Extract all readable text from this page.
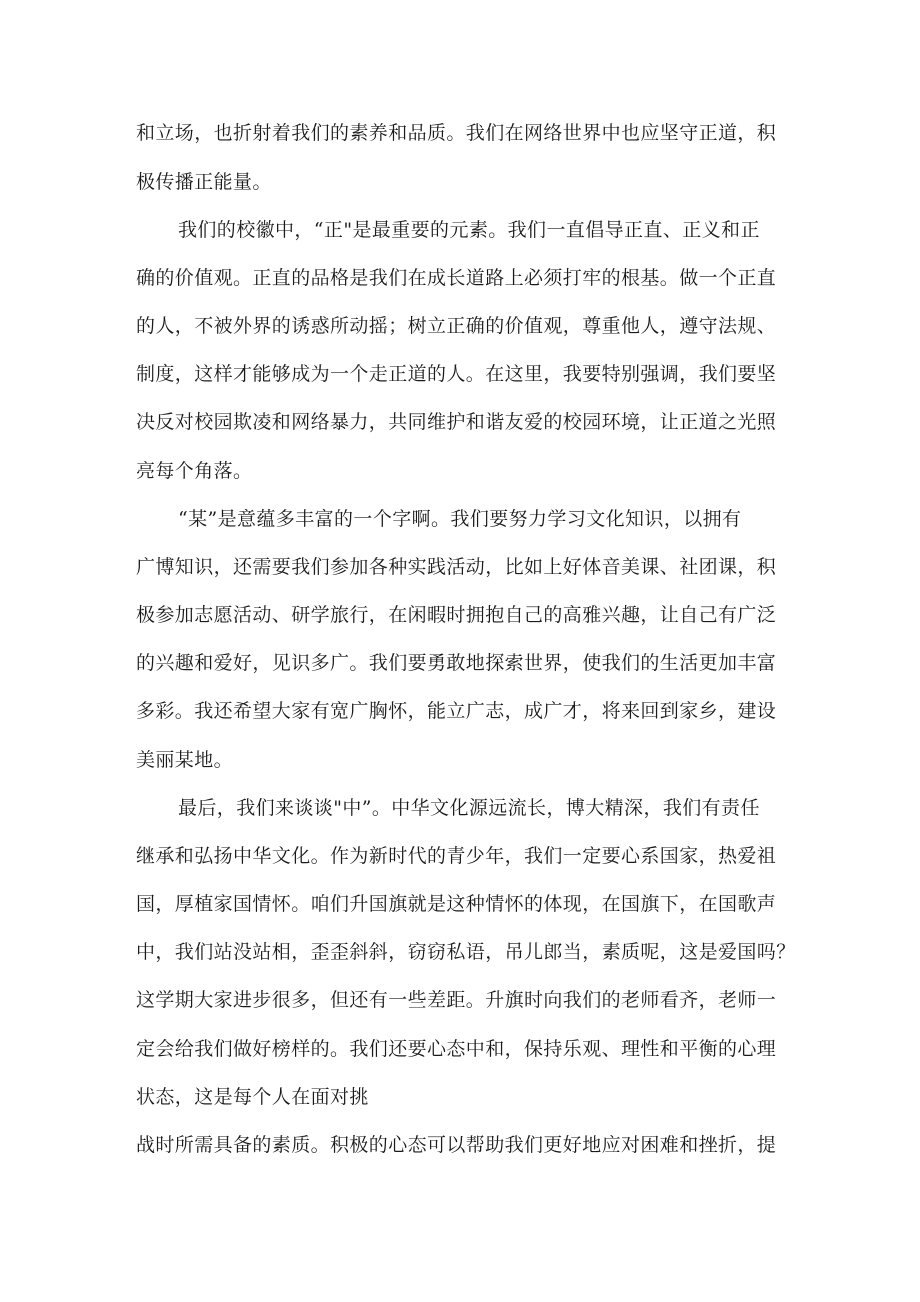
和立场，也折射着我们的素养和品质。我们在网络世界中也应坚守正道，积

极传播正能量。

我们的校徽中，“正"是最重要的元素。我们一直倡导正直、正义和正

确的价值观。正直的品格是我们在成长道路上必须打牢的根基。做一个正直

的人，不被外界的诱惑所动摇；树立正确的价值观，尊重他人，遵守法规、

制度，这样才能够成为一个走正道的人。在这里，我要特别强调，我们要坚

决反对校园欺凌和网络暴力，共同维护和谐友爱的校园环境，让正道之光照

亮每个角落。

“某”是意蕴多丰富的一个字啊。我们要努力学习文化知识，以拥有

广博知识，还需要我们参加各种实践活动，比如上好体音美课、社团课，积

极参加志愿活动、研学旅行，在闲暇时拥抱自己的高雅兴趣，让自己有广泛

的兴趣和爱好，见识多广。我们要勇敢地探索世界，使我们的生活更加丰富

多彩。我还希望大家有宽广胸怀，能立广志，成广才，将来回到家乡，建设

美丽某地。

最后，我们来谈谈"中”。中华文化源远流长，博大精深，我们有责任

继承和弘扬中华文化。作为新时代的青少年，我们一定要心系国家，热爱祖

国，厚植家国情怀。咱们升国旗就是这种情怀的体现，在国旗下，在国歌声

中，我们站没站相，歪歪斜斜，窃窃私语，吊儿郎当，素质呢，这是爱国吗？

这学期大家进步很多，但还有一些差距。升旗时向我们的老师看齐，老师一

定会给我们做好榜样的。我们还要心态中和，保持乐观、理性和平衡的心理

状态，这是每个人在面对挑

战时所需具备的素质。积极的心态可以帮助我们更好地应对困难和挫折，提
